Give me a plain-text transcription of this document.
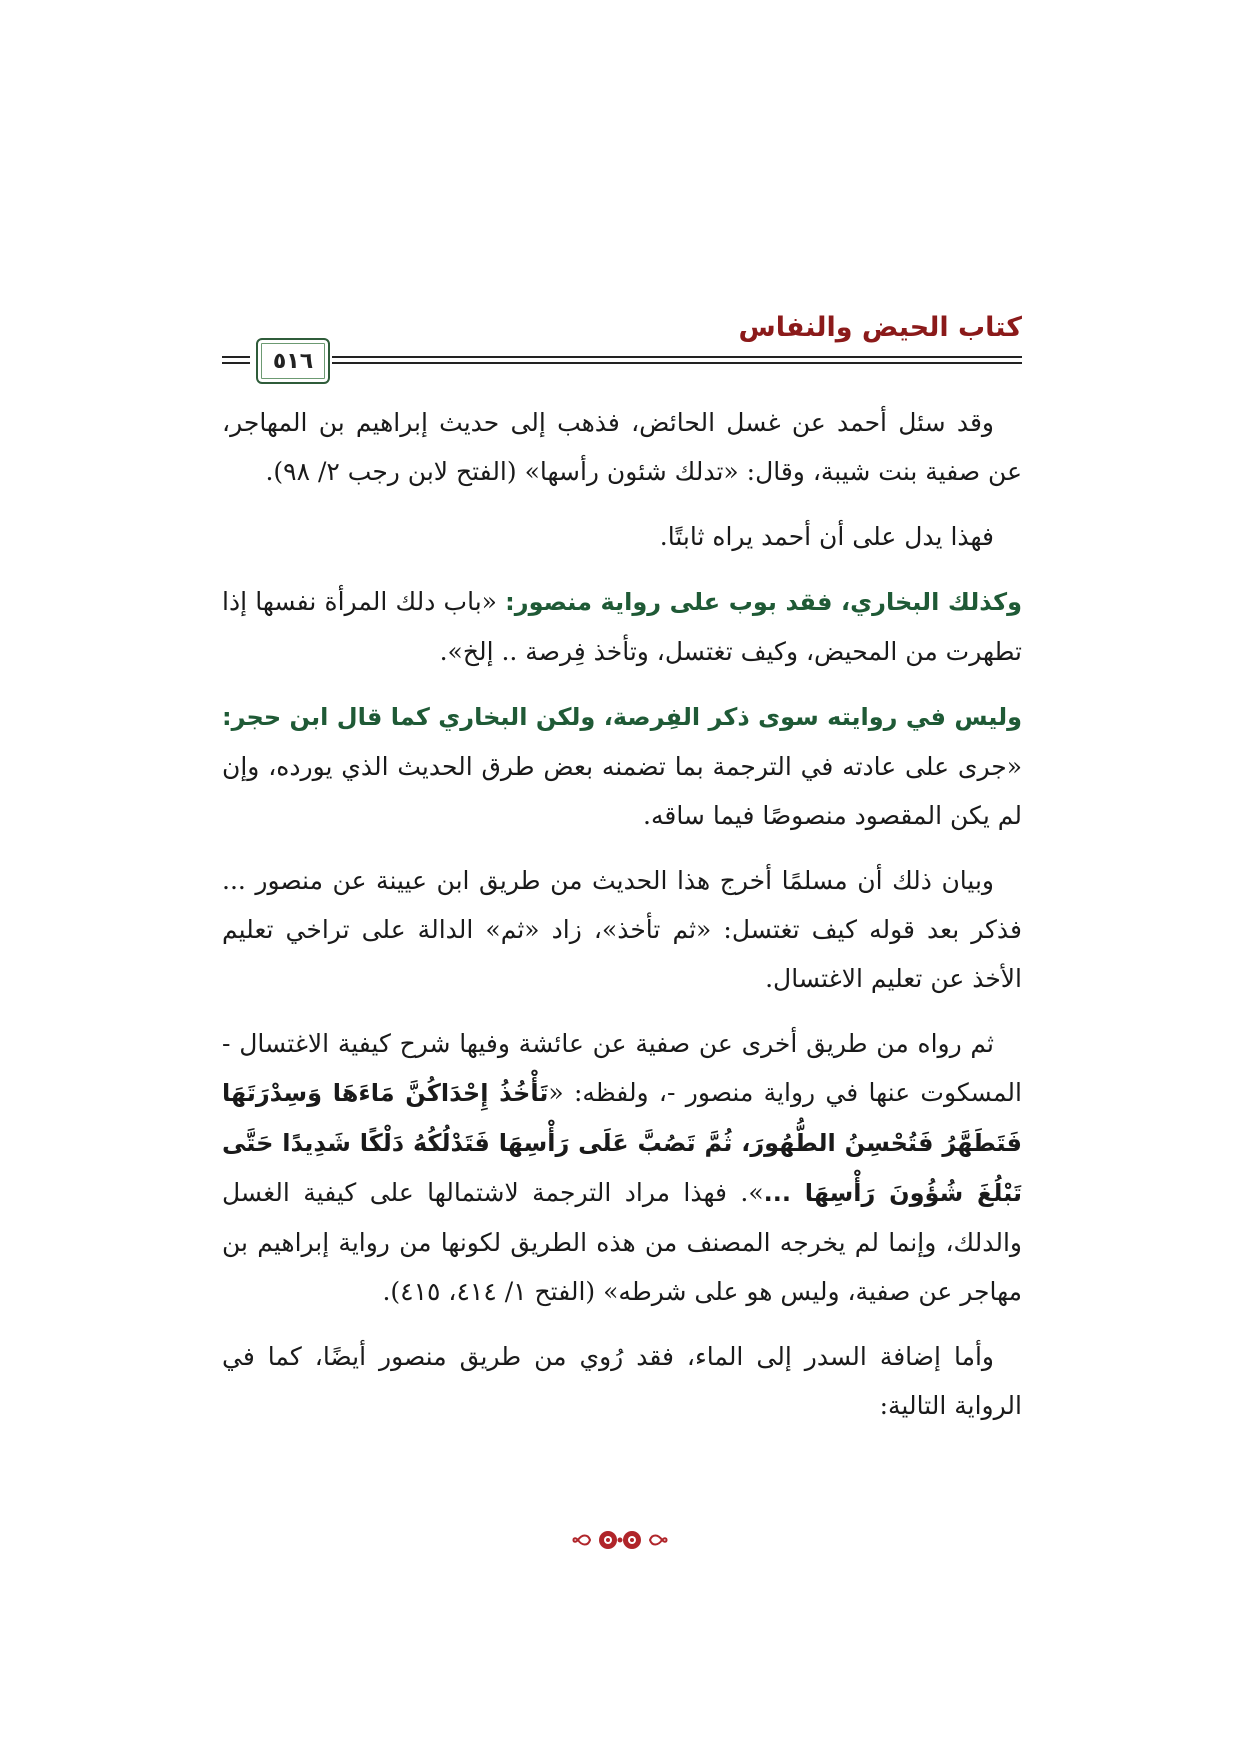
كتاب الحيض والنفاس
٥١٦

وقد سئل أحمد عن غسل الحائض، فذهب إلى حديث إبراهيم بن المهاجر، عن صفية بنت شيبة، وقال: «تدلك شئون رأسها» (الفتح لابن رجب ٢/ ٩٨).

فهذا يدل على أن أحمد يراه ثابتًا.

وكذلك البخاري، فقد بوب على رواية منصور: «باب دلك المرأة نفسها إذا تطهرت من المحيض، وكيف تغتسل، وتأخذ فِرصة .. إلخ».

وليس في روايته سوى ذكر الفِرصة، ولكن البخاري كما قال ابن حجر: «جرى على عادته في الترجمة بما تضمنه بعض طرق الحديث الذي يورده، وإن لم يكن المقصود منصوصًا فيما ساقه.

وبيان ذلك أن مسلمًا أخرج هذا الحديث من طريق ابن عيينة عن منصور ... فذكر بعد قوله كيف تغتسل: «ثم تأخذ»، زاد «ثم» الدالة على تراخي تعليم الأخذ عن تعليم الاغتسال.

ثم رواه من طريق أخرى عن صفية عن عائشة وفيها شرح كيفية الاغتسال - المسكوت عنها في رواية منصور -، ولفظه: «تَأْخُذُ إِحْدَاكُنَّ مَاءَهَا وَسِدْرَتَهَا فَتَطَهَّرُ فَتُحْسِنُ الطُّهُورَ، ثُمَّ تَصُبَّ عَلَى رَأْسِهَا فَتَدْلُكُهُ دَلْكًا شَدِيدًا حَتَّى تَبْلُغَ شُؤُونَ رَأْسِهَا ...». فهذا مراد الترجمة لاشتمالها على كيفية الغسل والدلك، وإنما لم يخرجه المصنف من هذه الطريق لكونها من رواية إبراهيم بن مهاجر عن صفية، وليس هو على شرطه» (الفتح ١/ ٤١٤، ٤١٥).

وأما إضافة السدر إلى الماء، فقد رُوي من طريق منصور أيضًا، كما في الرواية التالية:
